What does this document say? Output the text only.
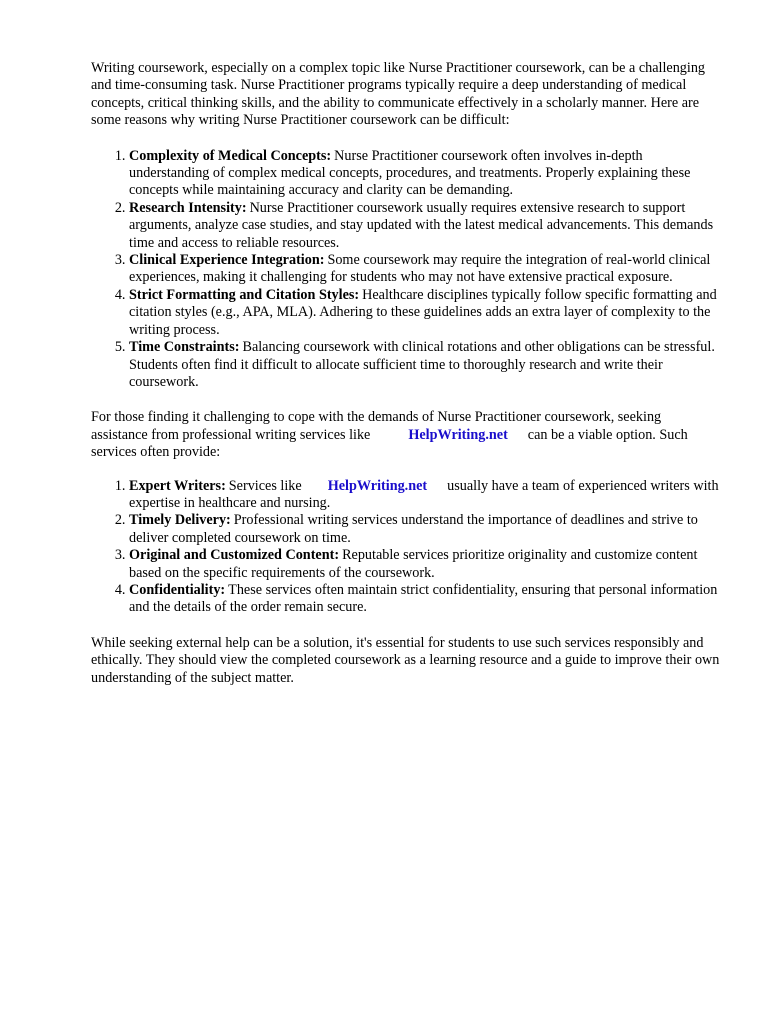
Writing coursework, especially on a complex topic like Nurse Practitioner coursework, can be a challenging and time-consuming task. Nurse Practitioner programs typically require a deep understanding of medical concepts, critical thinking skills, and the ability to communicate effectively in a scholarly manner. Here are some reasons why writing Nurse Practitioner coursework can be difficult:

1. Complexity of Medical Concepts: Nurse Practitioner coursework often involves in-depth understanding of complex medical concepts, procedures, and treatments. Properly explaining these concepts while maintaining accuracy and clarity can be demanding.
2. Research Intensity: Nurse Practitioner coursework usually requires extensive research to support arguments, analyze case studies, and stay updated with the latest medical advancements. This demands time and access to reliable resources.
3. Clinical Experience Integration: Some coursework may require the integration of real-world clinical experiences, making it challenging for students who may not have extensive practical exposure.
4. Strict Formatting and Citation Styles: Healthcare disciplines typically follow specific formatting and citation styles (e.g., APA, MLA). Adhering to these guidelines adds an extra layer of complexity to the writing process.
5. Time Constraints: Balancing coursework with clinical rotations and other obligations can be stressful. Students often find it difficult to allocate sufficient time to thoroughly research and write their coursework.

For those finding it challenging to cope with the demands of Nurse Practitioner coursework, seeking assistance from professional writing services like	HelpWriting.net can be a viable option. Such services often provide:

1. Expert Writers: Services like HelpWriting.net usually have a team of experienced writers with expertise in healthcare and nursing.
2. Timely Delivery: Professional writing services understand the importance of deadlines and strive to deliver completed coursework on time.
3. Original and Customized Content: Reputable services prioritize originality and customize content based on the specific requirements of the coursework.
4. Confidentiality: These services often maintain strict confidentiality, ensuring that personal information and the details of the order remain secure.

While seeking external help can be a solution, it's essential for students to use such services responsibly and ethically. They should view the completed coursework as a learning resource and a guide to improve their own understanding of the subject matter.
